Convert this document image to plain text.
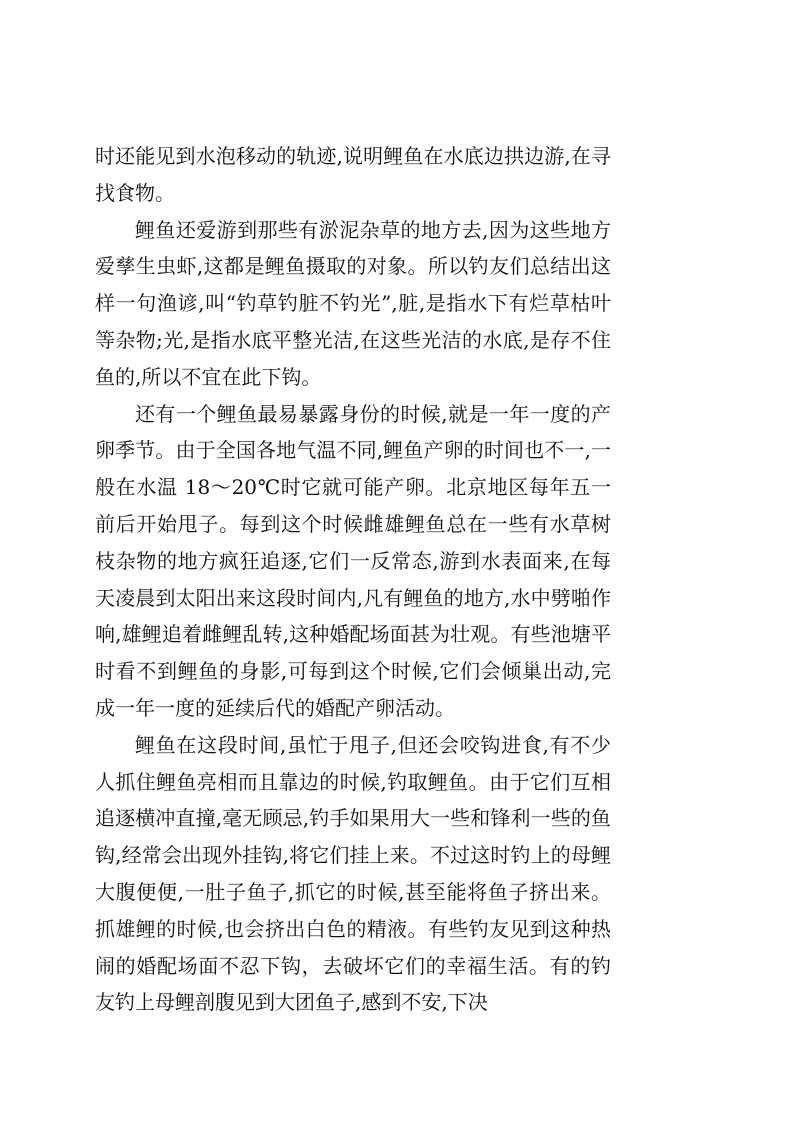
时还能见到水泡移动的轨迹,说明鲤鱼在水底边拱边游,在寻找食物。

鲤鱼还爱游到那些有淤泥杂草的地方去,因为这些地方爱孳生虫虾,这都是鲤鱼摄取的对象。所以钓友们总结出这样一句渔谚,叫“钓草钓脏不钓光”,脏,是指水下有烂草枯叶等杂物;光,是指水底平整光洁,在这些光洁的水底,是存不住鱼的,所以不宜在此下钩。

还有一个鲤鱼最易暴露身份的时候,就是一年一度的产卵季节。由于全国各地气温不同,鲤鱼产卵的时间也不一,一般在水温 18～20℃时它就可能产卵。北京地区每年五一前后开始甩子。每到这个时候雌雄鲤鱼总在一些有水草树枝杂物的地方疯狂追逐,它们一反常态,游到水表面来,在每天凌晨到太阳出来这段时间内,凡有鲤鱼的地方,水中劈啪作响,雄鲤追着雌鲤乱转,这种婚配场面甚为壮观。有些池塘平时看不到鲤鱼的身影,可每到这个时候,它们会倾巢出动,完成一年一度的延续后代的婚配产卵活动。

鲤鱼在这段时间,虽忙于甩子,但还会咬钩进食,有不少人抓住鲤鱼亮相而且靠边的时候,钓取鲤鱼。由于它们互相追逐横冲直撞,毫无顾忌,钓手如果用大一些和锋利一些的鱼钩,经常会出现外挂钩,将它们挂上来。不过这时钓上的母鲤大腹便便,一肚子鱼子,抓它的时候,甚至能将鱼子挤出来。抓雄鲤的时候,也会挤出白色的精液。有些钓友见到这种热闹的婚配场面不忍下钩，去破坏它们的幸福生活。有的钓友钓上母鲤剖腹见到大团鱼子,感到不安,下决
